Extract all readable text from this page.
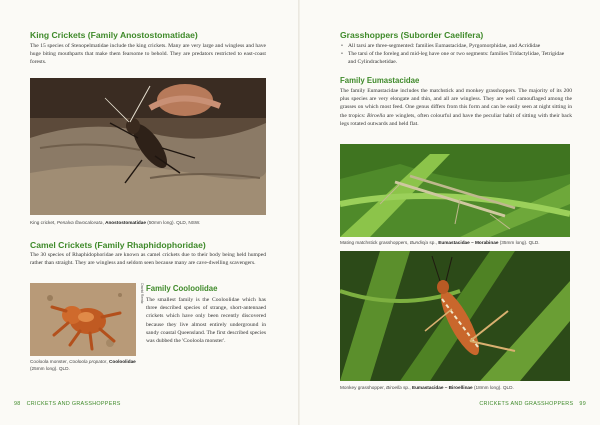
King Crickets (Family Anostostomatidae)

The 15 species of Stenopelmatidae include the king crickets. Many are very large and wingless and have huge biting mouthparts that make them fearsome to behold. They are predators restricted to east-coast forests.

King cricket, Penalva flavocalceata, Anostostomatidae (50mm long). QLD, NSW.
Camel Crickets (Family Rhaphidophoridae)

The 30 species of Rhaphidophoridae are known as camel crickets due to their body being held humped rather than straight. They are wingless and seldom seen because many are cave-dwelling scavengers.

David Rentz Family Cooloolidae

The smallest family is the Cooloolidae which has three described species of strange, short-antennaed crickets which have only been recently discovered because they live almost entirely underground in sandy coastal Queensland. The first described species was dubbed the 'Cooloola monster'.

Cooloola monster, Cooloola propator, Cooloolidae (25mm long). QLD.
98 CRICKETS AND GRASSHOPPERS
Grasshoppers (Suborder Caelifera)
• All tarsi are three-segmented: families Eumastacidae, Pyrgomorphidae, and Acrididae
• The tarsi of the foreleg and mid-leg have one or two segments: families Tridactylidae, Tetrigidae and Cylindrachetidae.
Family Eumastacidae

The family Eumastacidae includes the matchstick and monkey grasshoppers. The majority of its 200 plus species are very elongate and thin, and all are wingless. They are well camouflaged among the grasses on which most feed. One genus differs from this form and can be easily seen at night sitting in the tropics: Biroella are winglets, often colourful and have the peculiar habit of sitting with their back legs rotated outwards and held flat.

Mating matchstick grasshoppers, Bundinja sp., Eumastacidae – Morabinae (35mm long). QLD.
Monkey grasshopper, Biroella sp., Eumastacidae – Biroellinae (18mm long). QLD.
CRICKETS AND GRASSHOPPERS 99
